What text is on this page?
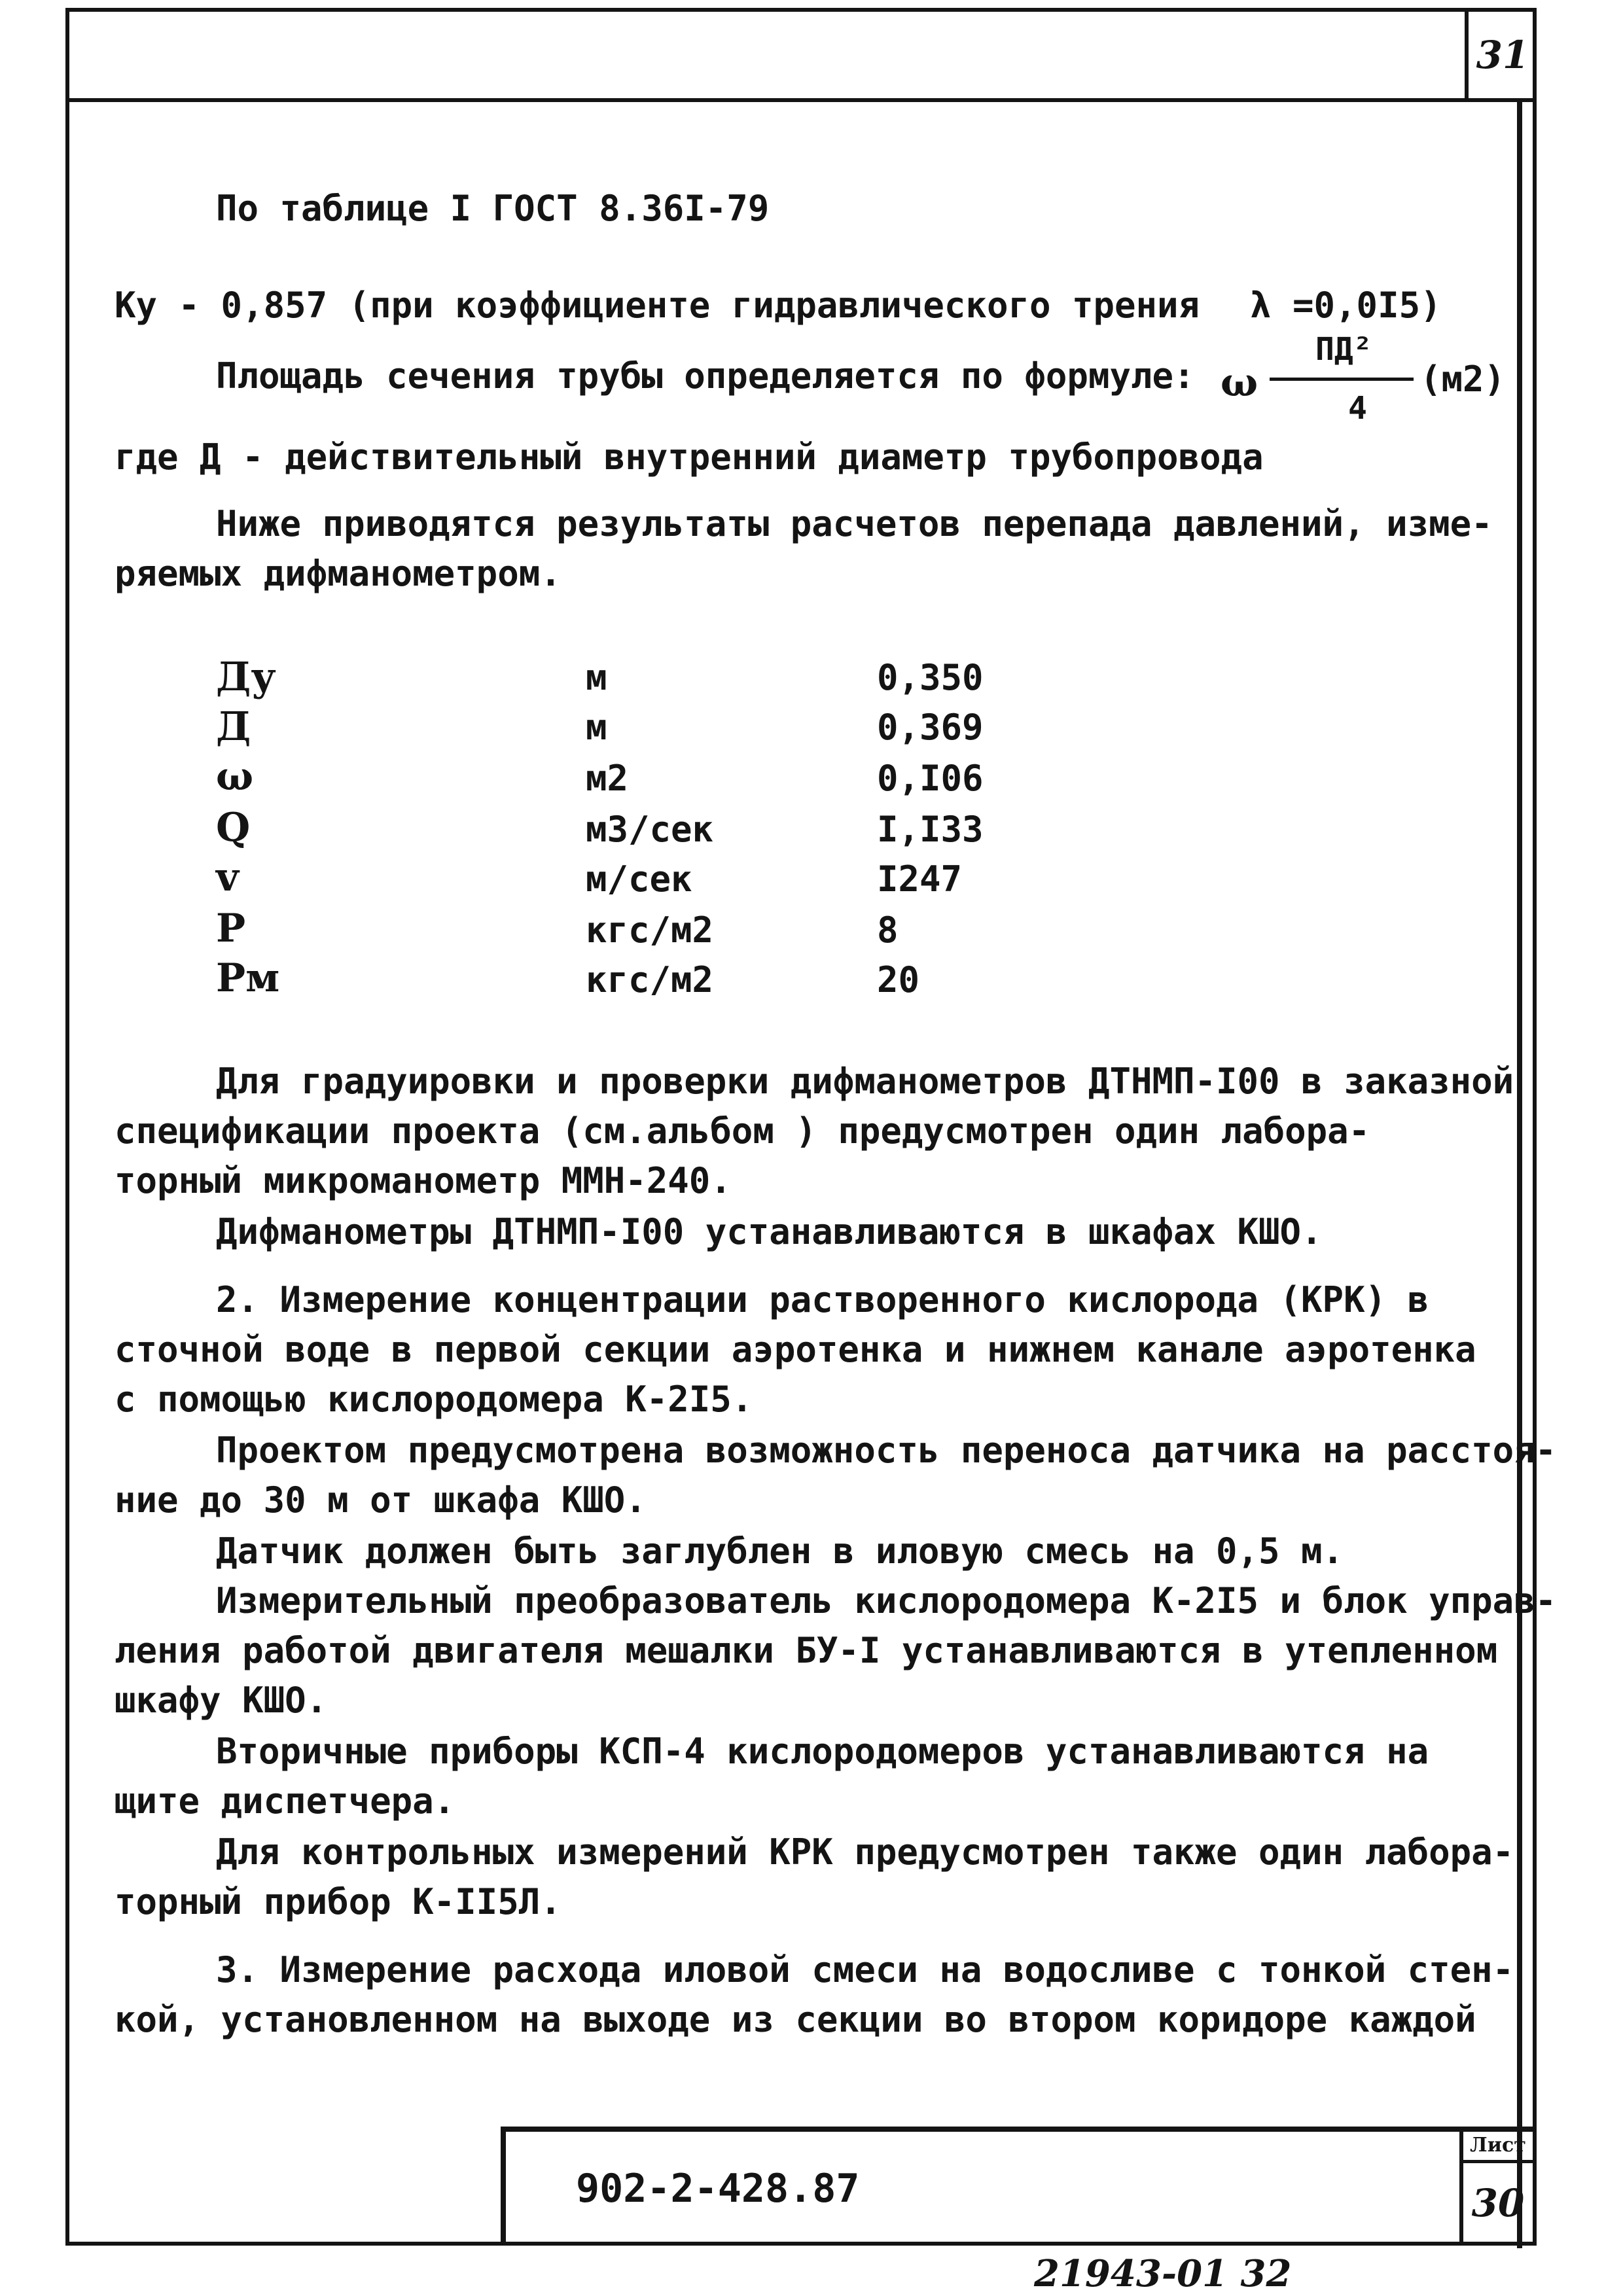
31
По таблице I ГОСТ 8.36I-79
Ку - 0,857 (при коэффициенте гидравлического трения λ =0,0I5)
Площадь сечения трубы определяется по формуле: ω
ПД²
4
(м2)
где Д - действительный внутренний диаметр трубопровода
Ниже приводятся результаты расчетов перепада давлений, изме-
ряемых дифманометром.
Ду	м	0,350
Д	м	0,369
ω	м2	0,I06
Q	м3/сек	I,I33
v	м/сек	I247
Р	кгс/м2	8
Рм	кгс/м2	20
Для градуировки и проверки дифманометров ДТНМП-I00 в заказной
спецификации проекта (см.альбом ) предусмотрен один лабора-
торный микроманометр ММН-240.
Дифманометры ДТНМП-I00 устанавливаются в шкафах КШО.
2. Измерение концентрации растворенного кислорода (КРК) в
сточной воде в первой секции аэротенка и нижнем канале аэротенка
с помощью кислородомера К-2I5.
Проектом предусмотрена возможность переноса датчика на расстоя-
ние до 30 м от шкафа КШО.
Датчик должен быть заглублен в иловую смесь на 0,5 м.
Измерительный преобразователь кислородомера К-2I5 и блок управ-
ления работой двигателя мешалки БУ-I устанавливаются в утепленном
шкафу КШО.
Вторичные приборы КСП-4 кислородомеров устанавливаются на
щите диспетчера.
Для контрольных измерений КРК предусмотрен также один лабора-
торный прибор К-II5Л.
3. Измерение расхода иловой смеси на водосливе с тонкой стен-
кой, установленном на выходе из секции во втором коридоре каждой
902-2-428.87
Лист
30
21943-01 32
